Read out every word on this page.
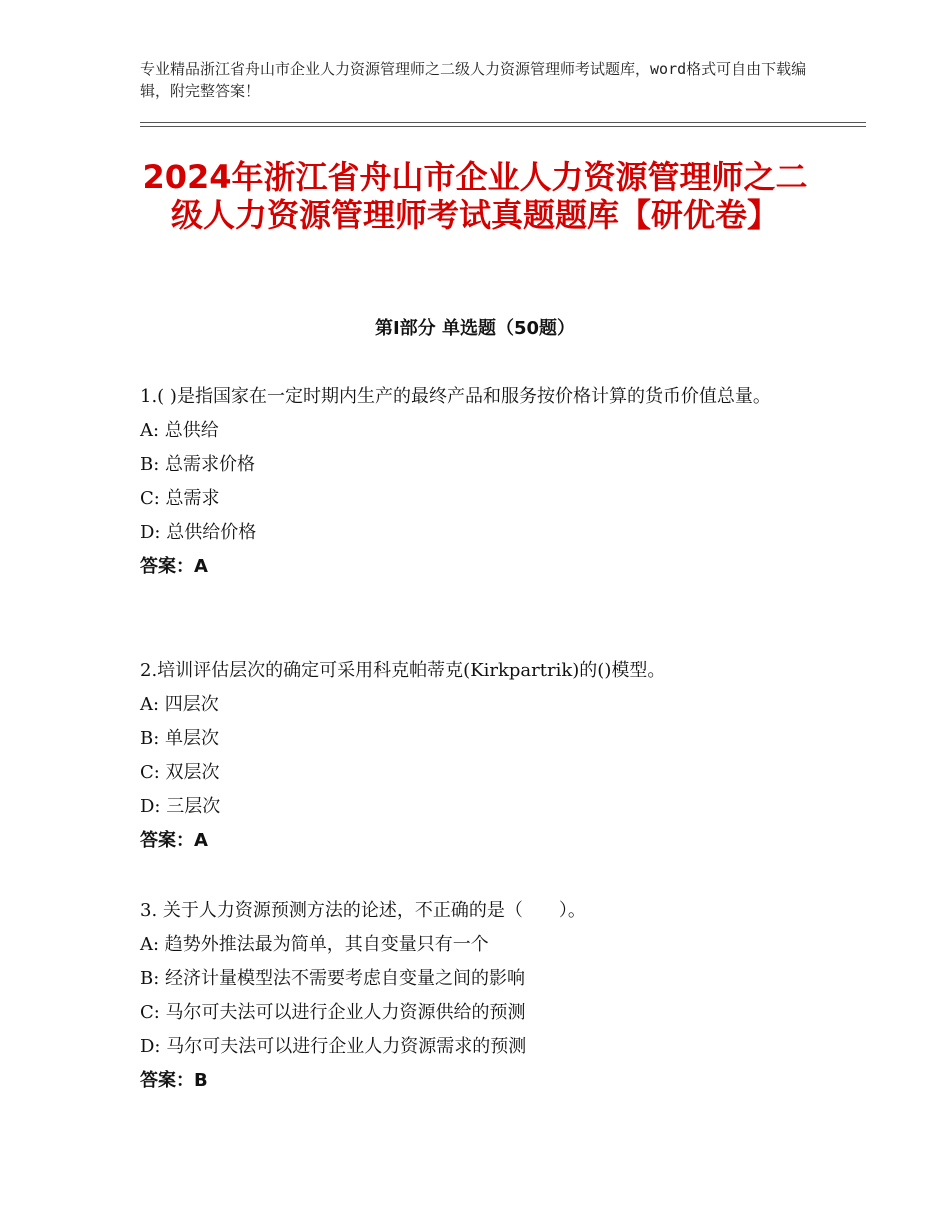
专业精品浙江省舟山市企业人力资源管理师之二级人力资源管理师考试题库，word格式可自由下载编辑，附完整答案！
2024年浙江省舟山市企业人力资源管理师之二级人力资源管理师考试真题题库【研优卷】
第Ⅰ部分 单选题（50题）
1.( )是指国家在一定时期内生产的最终产品和服务按价格计算的货币价值总量。
A: 总供给
B: 总需求价格
C: 总需求
D: 总供给价格
答案：A
2.培训评估层次的确定可采用科克帕蒂克(Kirkpartrik)的()模型。
A: 四层次
B: 单层次
C: 双层次
D: 三层次
答案：A
3. 关于人力资源预测方法的论述，不正确的是（　　）。
A: 趋势外推法最为简单，其自变量只有一个
B: 经济计量模型法不需要考虑自变量之间的影响
C: 马尔可夫法可以进行企业人力资源供给的预测
D: 马尔可夫法可以进行企业人力资源需求的预测
答案：B
